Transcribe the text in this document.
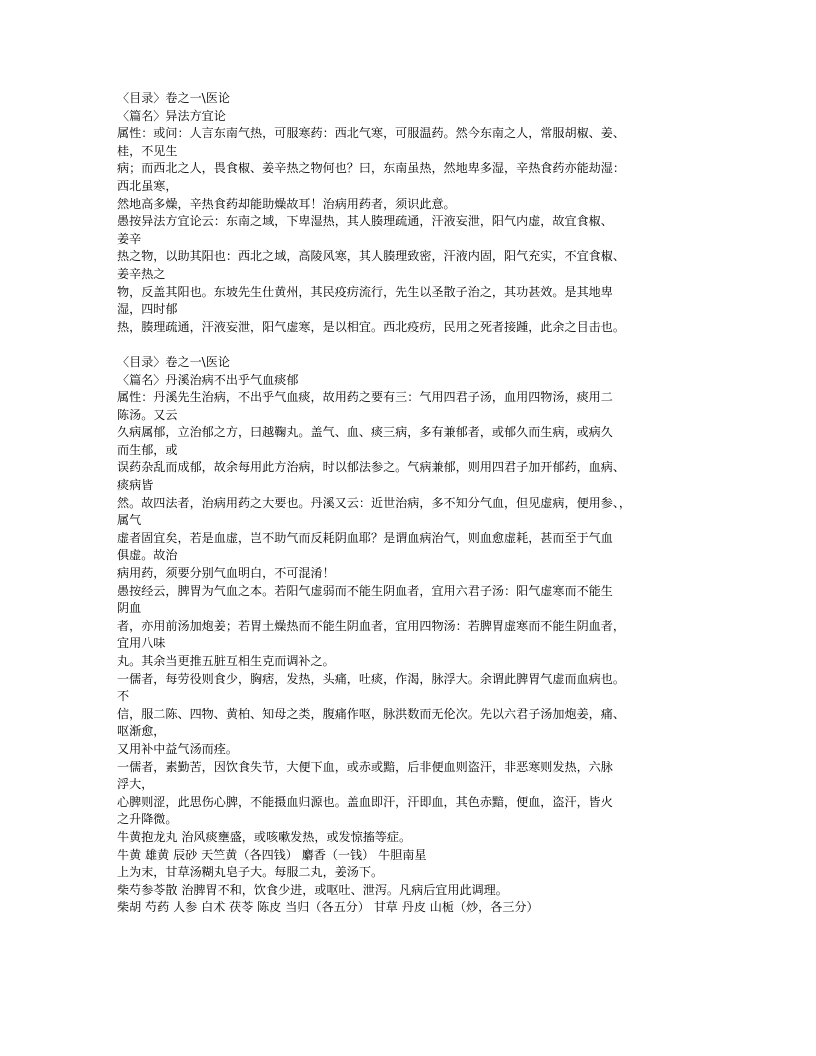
〈目录〉卷之一\医论
〈篇名〉异法方宜论
属性：或问：人言东南气热，可服寒药：西北气寒，可服温药。然今东南之人，常服胡椒、姜、
桂，不见生
病；而西北之人，畏食椒、姜辛热之物何也？曰，东南虽热，然地卑多湿，辛热食药亦能劫湿：
西北虽寒，
然地高多燥，辛热食药却能助燥故耳！治病用药者，须识此意。
愚按异法方宜论云：东南之域，下卑湿热，其人腠理疏通，汗液妄泄，阳气内虚，故宜食椒、
姜辛
热之物，以助其阳也：西北之域，高陵风寒，其人腠理致密，汗液内固，阳气充实，不宜食椒、
姜辛热之
物，反盖其阳也。东坡先生仕黄州，其民疫疠流行，先生以圣散子治之，其功甚效。是其地卑
湿，四时郁
热，腠理疏通，汗液妄泄，阳气虚寒，是以相宜。西北疫疠，民用之死者接踵，此余之目击也。
〈目录〉卷之一\医论
〈篇名〉丹溪治病不出乎气血痰郁
属性：丹溪先生治病，不出乎气血痰，故用药之要有三：气用四君子汤，血用四物汤，痰用二
陈汤。又云
久病属郁，立治郁之方，曰越鞠丸。盖气、血、痰三病，多有兼郁者，或郁久而生病，或病久
而生郁，或
误药杂乱而成郁，故余每用此方治病，时以郁法参之。气病兼郁，则用四君子加开郁药，血病、
痰病皆
然。故四法者，治病用药之大要也。丹溪又云：近世治病，多不知分气血，但见虚病，便用参、，
属气
虚者固宜矣，若是血虚，岂不助气而反耗阴血耶？是谓血病治气，则血愈虚耗，甚而至于气血
俱虚。故治
病用药，须要分别气血明白，不可混淆！
愚按经云，脾胃为气血之本。若阳气虚弱而不能生阴血者，宜用六君子汤：阳气虚寒而不能生
阴血
者，亦用前汤加炮姜；若胃土燥热而不能生阴血者，宜用四物汤：若脾胃虚寒而不能生阴血者，
宜用八味
丸。其余当更推五脏互相生克而调补之。
一儒者，每劳役则食少，胸痞，发热，头痛，吐痰，作渴，脉浮大。余谓此脾胃气虚而血病也。
不
信，服二陈、四物、黄柏、知母之类，腹痛作呕，脉洪数而无伦次。先以六君子汤加炮姜，痛、
呕渐愈，
又用补中益气汤而痊。
一儒者，素勤苦，因饮食失节，大便下血，或赤或黯，后非便血则盗汗，非恶寒则发热，六脉
浮大，
心脾则涩，此思伤心脾，不能摄血归源也。盖血即汗，汗即血，其色赤黯，便血，盗汗，皆火
之升降微。
牛黄抱龙丸 治风痰壅盛，或咳嗽发热，或发惊搐等症。
牛黄 雄黄 辰砂 天竺黄（各四钱） 麝香（一钱） 牛胆南星
上为末，甘草汤糊丸皂子大。每服二丸，姜汤下。
柴芍参苓散 治脾胃不和，饮食少进，或呕吐、泄泻。凡病后宜用此调理。
柴胡 芍药 人参 白术 茯苓 陈皮 当归（各五分） 甘草 丹皮 山栀（炒，各三分）
